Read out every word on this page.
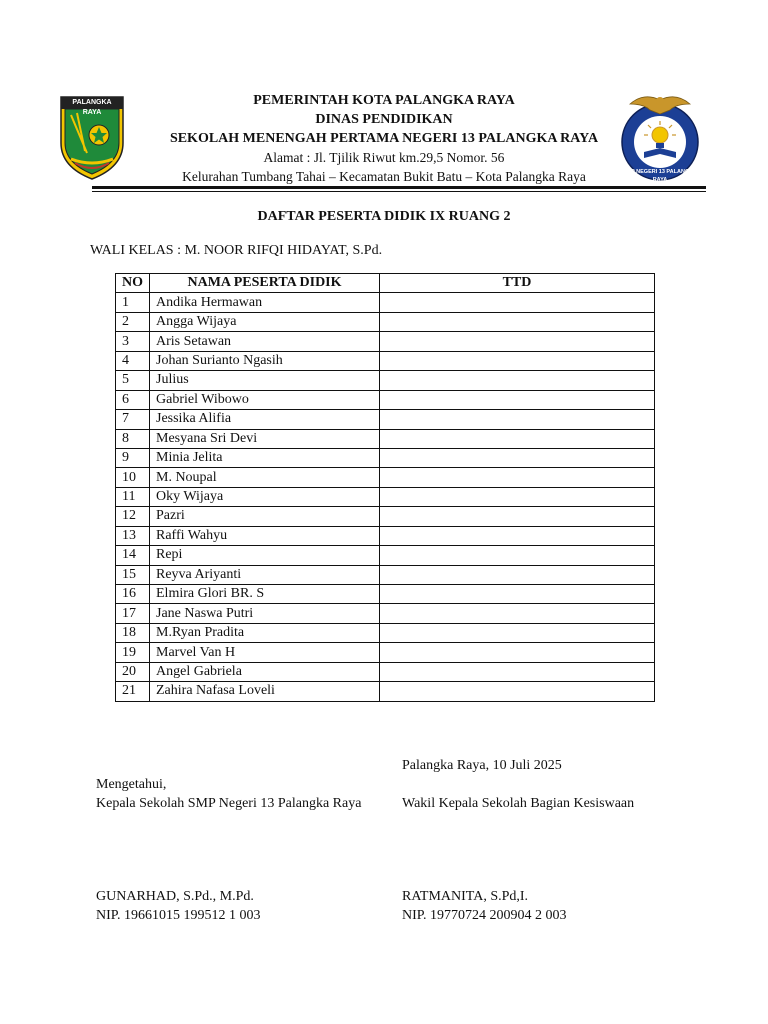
PALANGKA RAYA
SMP NEGERI 13 PALANGKA RAYA
PEMERINTAH KOTA PALANGKA RAYA
DINAS PENDIDIKAN
SEKOLAH MENENGAH PERTAMA NEGERI 13 PALANGKA RAYA
Alamat : Jl. Tjilik Riwut km.29,5 Nomor. 56
Kelurahan Tumbang Tahai – Kecamatan Bukit Batu – Kota Palangka Raya
DAFTAR PESERTA DIDIK IX RUANG 2
WALI KELAS : M. NOOR RIFQI HIDAYAT, S.Pd.
NO	NAMA PESERTA DIDIK	TTD
1	Andika Hermawan	
2	Angga Wijaya	
3	Aris Setawan	
4	Johan Surianto Ngasih	
5	Julius	
6	Gabriel Wibowo	
7	Jessika Alifia	
8	Mesyana Sri Devi	
9	Minia Jelita	
10	M. Noupal	
11	Oky Wijaya	
12	Pazri	
13	Raffi Wahyu	
14	Repi	
15	Reyva Ariyanti	
16	Elmira Glori BR. S	
17	Jane Naswa Putri	
18	M.Ryan Pradita	
19	Marvel Van H	
20	Angel Gabriela	
21	Zahira Nafasa Loveli	
Palangka Raya, 10 Juli 2025
Mengetahui,
Kepala Sekolah SMP Negeri 13 Palangka Raya	Wakil Kepala Sekolah Bagian Kesiswaan
GUNARHAD, S.Pd., M.Pd.
NIP. 19661015 199512 1 003
RATMANITA, S.Pd,I.
NIP. 19770724 200904 2 003
